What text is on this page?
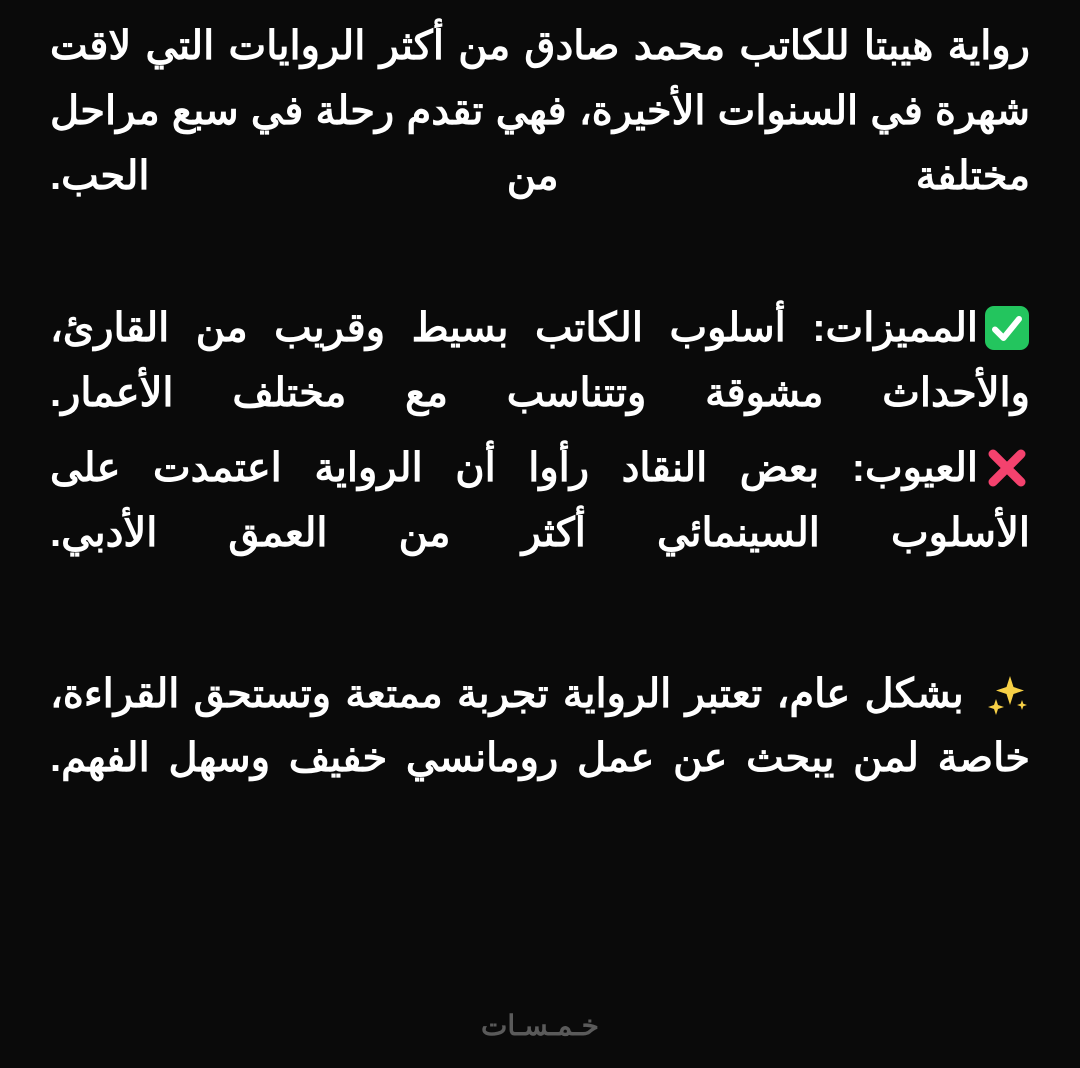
رواية هيبتا للكاتب محمد صادق من أكثر الروايات التي لاقت شهرة في السنوات الأخيرة، فهي تقدم رحلة في سبع مراحل مختلفة من الحب.

المميزات: أسلوب الكاتب بسيط وقريب من القارئ، والأحداث مشوقة وتتناسب مع مختلف الأعمار.

العيوب: بعض النقاد رأوا أن الرواية اعتمدت على الأسلوب السينمائي أكثر من العمق الأدبي.

بشكل عام، تعتبر الرواية تجربة ممتعة وتستحق القراءة، خاصة لمن يبحث عن عمل رومانسي خفيف وسهل الفهم.

خـمـسـات
